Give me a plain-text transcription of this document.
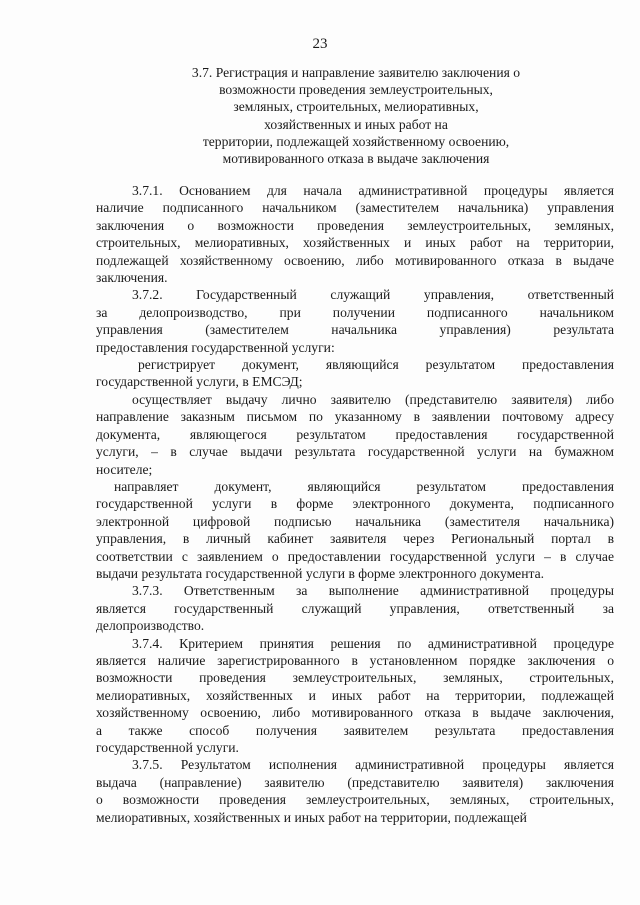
23
3.7. Регистрация и направление заявителю заключения о
возможности проведения землеустроительных,
земляных, строительных, мелиоративных,
хозяйственных и иных работ на
территории, подлежащей хозяйственному освоению,
мотивированного отказа в выдаче заключения

3.7.1. Основанием для начала административной процедуры является
наличие подписанного начальником (заместителем начальника) управления
заключения о возможности проведения землеустроительных, земляных,
строительных, мелиоративных, хозяйственных и иных работ на территории,
подлежащей хозяйственному освоению, либо мотивированного отказа в выдаче
заключения.

3.7.2. Государственный служащий управления, ответственный
за делопроизводство, при получении подписанного начальником
управления (заместителем начальника управления) результата
предоставления государственной услуги:

регистрирует документ, являющийся результатом предоставления
государственной услуги, в ЕМСЭД;

осуществляет выдачу лично заявителю (представителю заявителя) либо
направление заказным письмом по указанному в заявлении почтовому адресу
документа, являющегося результатом предоставления государственной
услуги, – в случае выдачи результата государственной услуги на бумажном
носителе;

направляет документ, являющийся результатом предоставления
государственной услуги в форме электронного документа, подписанного
электронной цифровой подписью начальника (заместителя начальника)
управления, в личный кабинет заявителя через Региональный портал в
соответствии с заявлением о предоставлении государственной услуги – в случае
выдачи результата государственной услуги в форме электронного документа.

3.7.3. Ответственным за выполнение административной процедуры
является государственный служащий управления, ответственный за
делопроизводство.

3.7.4. Критерием принятия решения по административной процедуре
является наличие зарегистрированного в установленном порядке заключения о
возможности проведения землеустроительных, земляных, строительных,
мелиоративных, хозяйственных и иных работ на территории, подлежащей
хозяйственному освоению, либо мотивированного отказа в выдаче заключения,
а также способ получения заявителем результата предоставления
государственной услуги.

3.7.5. Результатом исполнения административной процедуры является
выдача (направление) заявителю (представителю заявителя) заключения
о возможности проведения землеустроительных, земляных, строительных,
мелиоративных, хозяйственных и иных работ на территории, подлежащей
